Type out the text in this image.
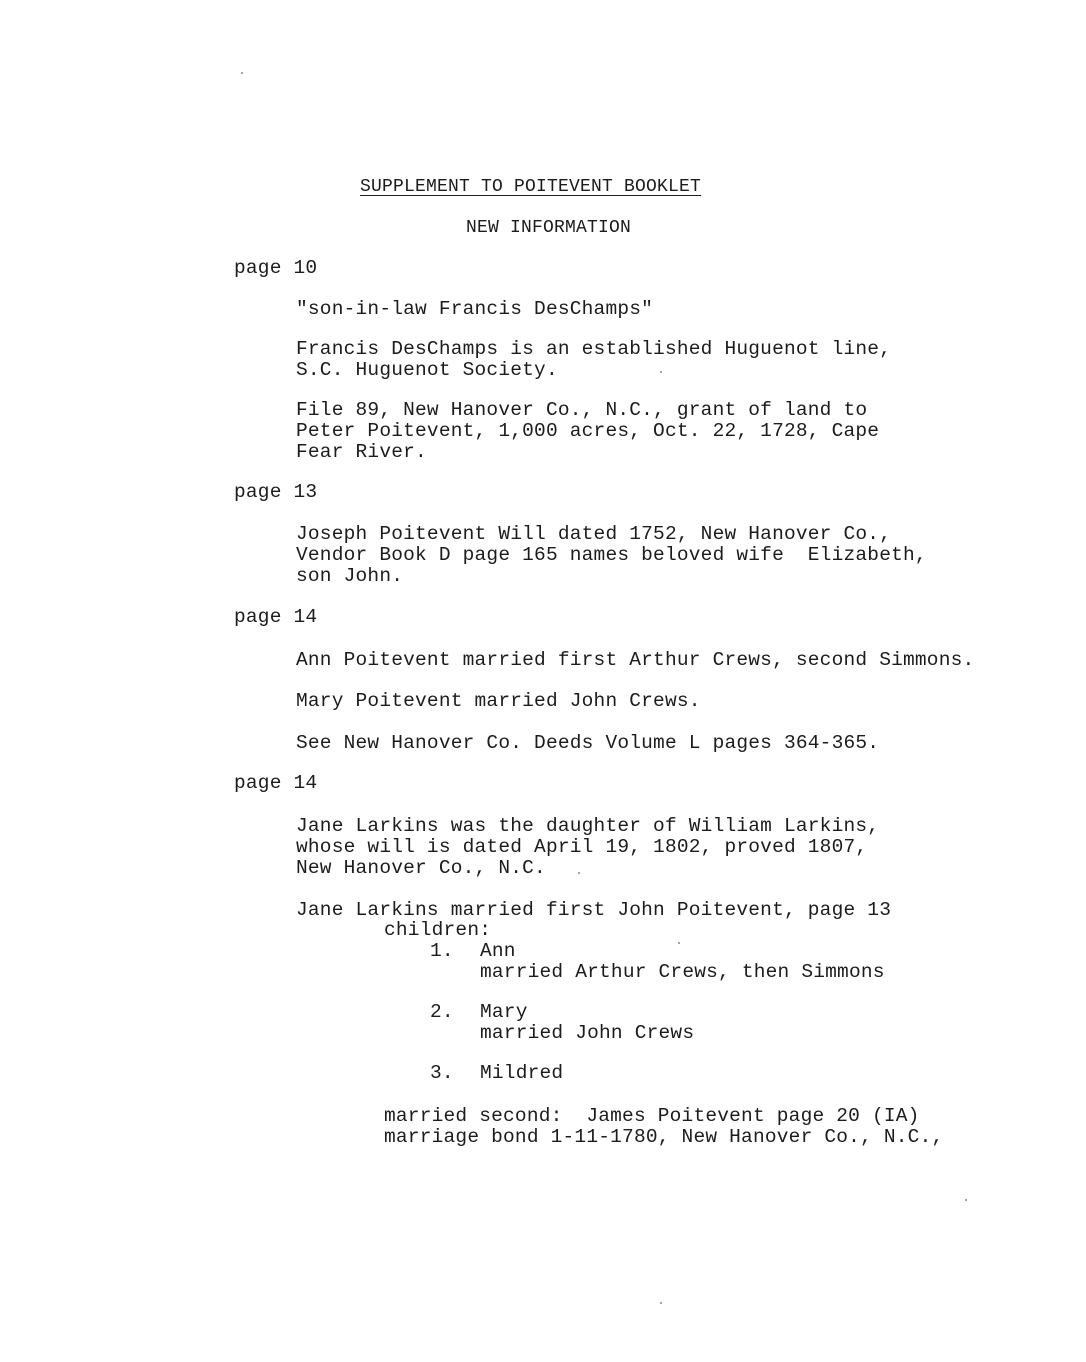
SUPPLEMENT TO POITEVENT BOOKLET
NEW INFORMATION
page 10
"son-in-law Francis DesChamps"
Francis DesChamps is an established Huguenot line,
S.C. Huguenot Society.
File 89, New Hanover Co., N.C., grant of land to
Peter Poitevent, 1,000 acres, Oct. 22, 1728, Cape
Fear River.
page 13
Joseph Poitevent Will dated 1752, New Hanover Co.,
Vendor Book D page 165 names beloved wife  Elizabeth,
son John.
page 14
Ann Poitevent married first Arthur Crews, second Simmons.
Mary Poitevent married John Crews.
See New Hanover Co. Deeds Volume L pages 364-365.
page 14
Jane Larkins was the daughter of William Larkins,
whose will is dated April 19, 1802, proved 1807,
New Hanover Co., N.C.
Jane Larkins married first John Poitevent, page 13
children:
1. Ann
married Arthur Crews, then Simmons
2. Mary
married John Crews
3. Mildred
married second:  James Poitevent page 20 (IA)
marriage bond 1-11-1780, New Hanover Co., N.C.,
